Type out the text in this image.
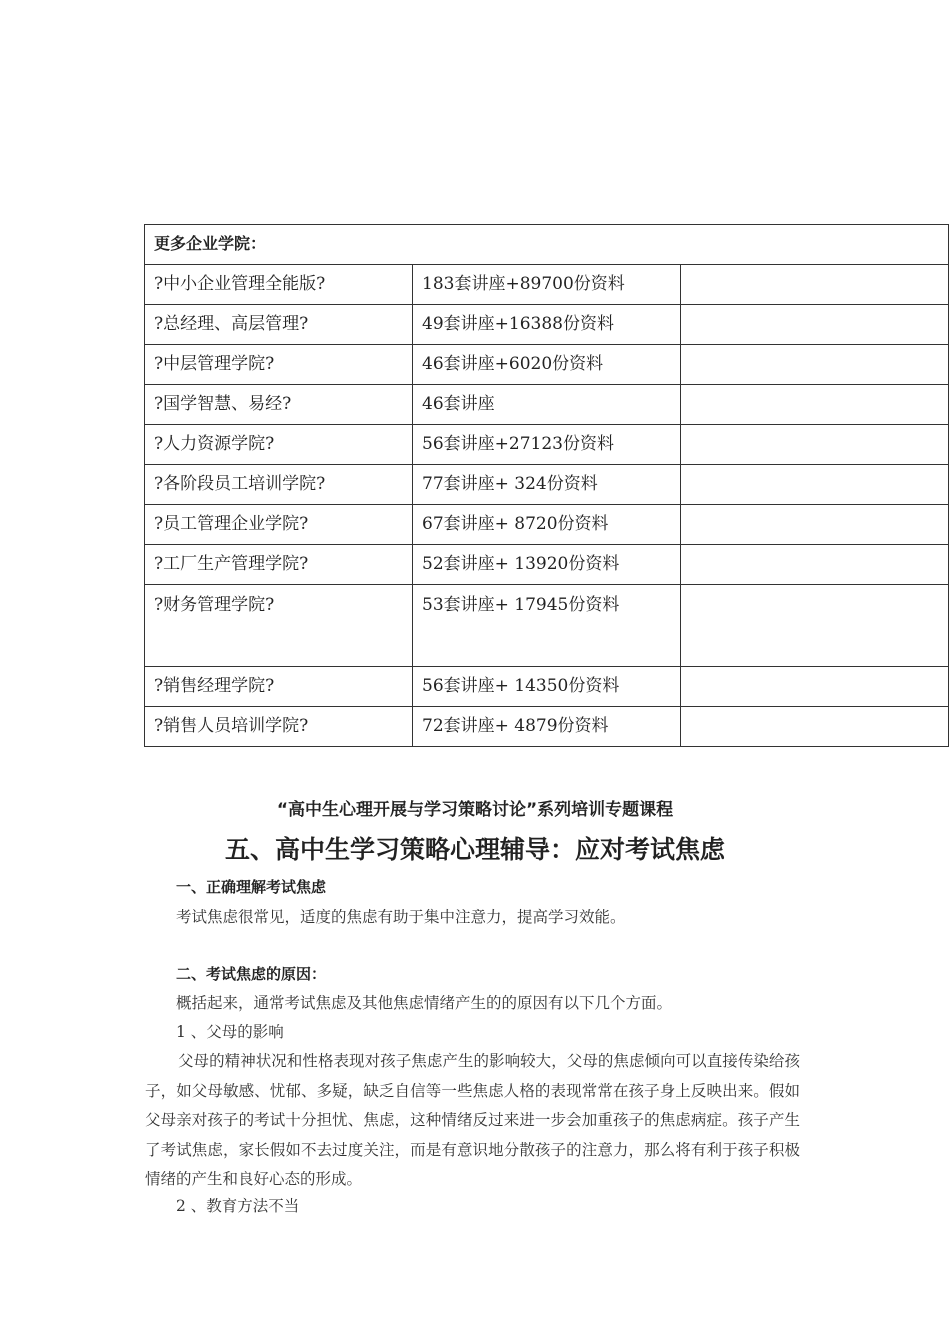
更多企业学院：		
?中小企业管理全能版?	183套讲座+89700份资料	
?总经理、高层管理?	49套讲座+16388份资料	
?中层管理学院?	46套讲座+6020份资料	
?国学智慧、易经?	46套讲座	
?人力资源学院?	56套讲座+27123份资料	
?各阶段员工培训学院?	77套讲座+ 324份资料	
?员工管理企业学院?	67套讲座+ 8720份资料	
?工厂生产管理学院?	52套讲座+ 13920份资料	
?财务管理学院?	53套讲座+ 17945份资料	
?销售经理学院?	56套讲座+ 14350份资料	
?销售人员培训学院?	72套讲座+ 4879份资料	
“高中生心理开展与学习策略讨论”系列培训专题课程
五、高中生学习策略心理辅导：应对考试焦虑
一、正确理解考试焦虑
考试焦虑很常见，适度的焦虑有助于集中注意力，提高学习效能。
二、考试焦虑的原因：
概括起来，通常考试焦虑及其他焦虑情绪产生的的原因有以下几个方面。
1 、父母的影响

父母的精神状况和性格表现对孩子焦虑产生的影响较大，父母的焦虑倾向可以直接传染给孩子，如父母敏感、忧郁、多疑，缺乏自信等一些焦虑人格的表现常常在孩子身上反映出来。假如父母亲对孩子的考试十分担忧、焦虑，这种情绪反过来进一步会加重孩子的焦虑病症。孩子产生了考试焦虑，家长假如不去过度关注，而是有意识地分散孩子的注意力，那么将有利于孩子积极情绪的产生和良好心态的形成。

2 、教育方法不当
